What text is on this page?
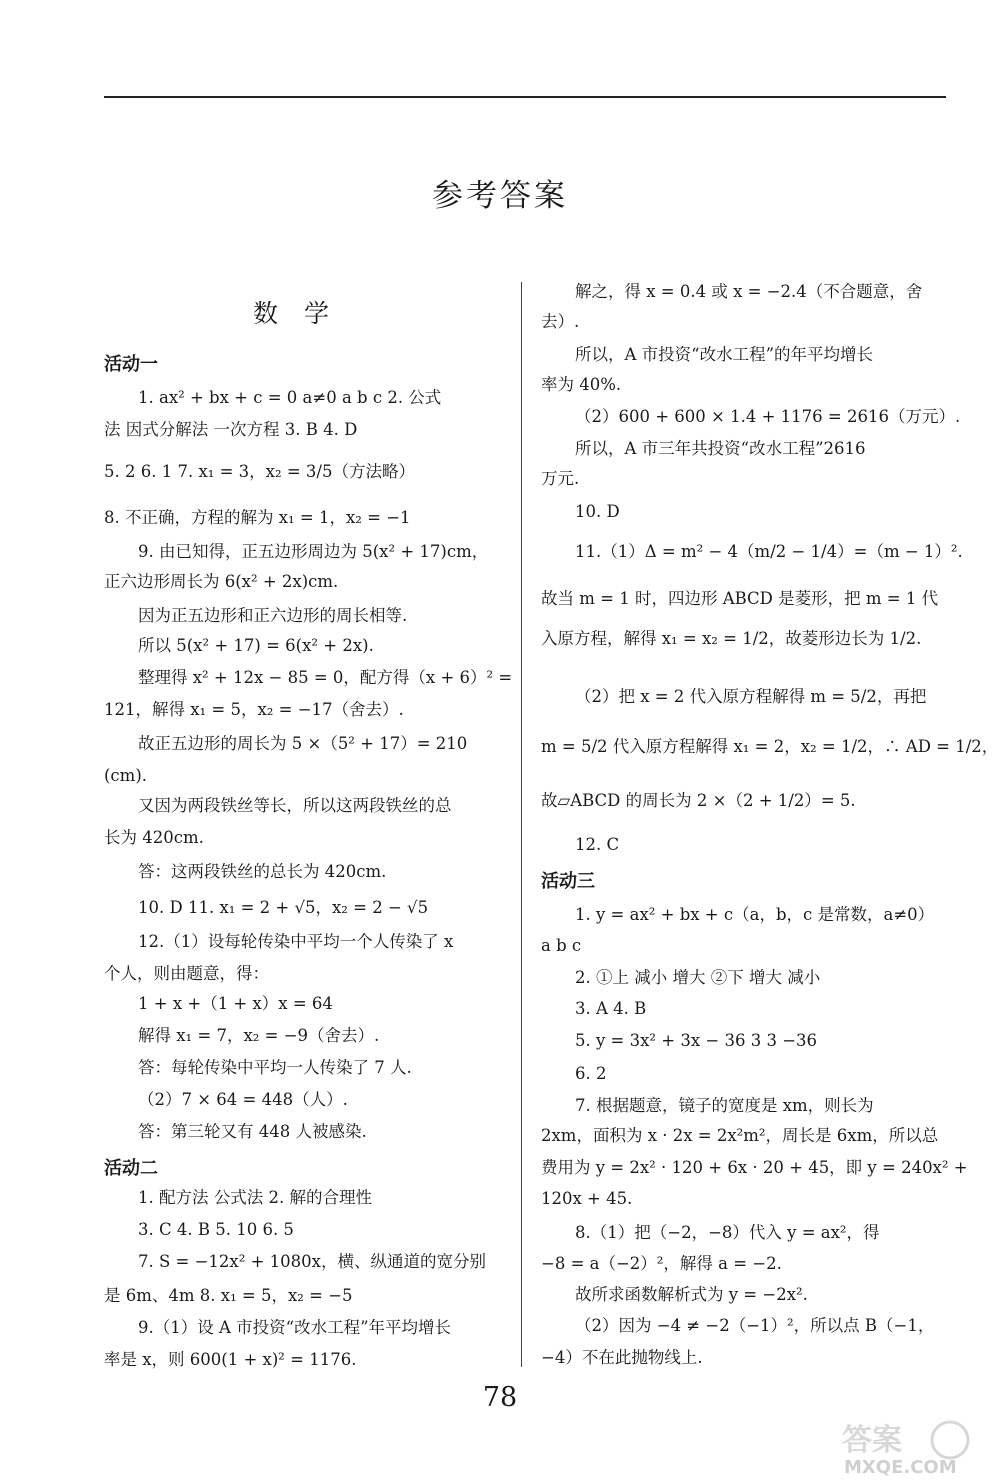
参考答案
数学
活动一
1. ax² + bx + c = 0 a≠0 a b c 2. 公式
法 因式分解法 一次方程 3. B 4. D
5. 2 6. 1 7. x₁ = 3，x₂ = 3/5（方法略）
8. 不正确，方程的解为 x₁ = 1，x₂ = −1
9. 由已知得，正五边形周边为 5(x² + 17)cm，
正六边形周长为 6(x² + 2x)cm.
因为正五边形和正六边形的周长相等.
所以 5(x² + 17) = 6(x² + 2x).
整理得 x² + 12x − 85 = 0，配方得（x + 6）² =
121，解得 x₁ = 5，x₂ = −17（舍去）.
故正五边形的周长为 5 ×（5² + 17）= 210
(cm).
又因为两段铁丝等长，所以这两段铁丝的总
长为 420cm.
答：这两段铁丝的总长为 420cm.
10. D 11. x₁ = 2 + √5，x₂ = 2 − √5
12.（1）设每轮传染中平均一个人传染了 x
个人，则由题意，得：
1 + x +（1 + x）x = 64
解得 x₁ = 7，x₂ = −9（舍去）.
答：每轮传染中平均一人传染了 7 人.
（2）7 × 64 = 448（人）.
答：第三轮又有 448 人被感染.
活动二
1. 配方法 公式法 2. 解的合理性
3. C 4. B 5. 10 6. 5
7. S = −12x² + 1080x，横、纵通道的宽分别
是 6m、4m 8. x₁ = 5，x₂ = −5
9.（1）设 A 市投资“改水工程”年平均增长
率是 x，则 600(1 + x)² = 1176.
解之，得 x = 0.4 或 x = −2.4（不合题意，舍
去）.
所以，A 市投资“改水工程”的年平均增长
率为 40%.
（2）600 + 600 × 1.4 + 1176 = 2616（万元）.
所以，A 市三年共投资“改水工程”2616
万元.
10. D
11.（1）Δ = m² − 4（m/2 − 1/4）=（m − 1）².
故当 m = 1 时，四边形 ABCD 是菱形，把 m = 1 代
入原方程，解得 x₁ = x₂ = 1/2，故菱形边长为 1/2.
（2）把 x = 2 代入原方程解得 m = 5/2，再把
m = 5/2 代入原方程解得 x₁ = 2，x₂ = 1/2，∴ AD = 1/2，
故▱ABCD 的周长为 2 ×（2 + 1/2）= 5.
12. C
活动三
1. y = ax² + bx + c（a，b，c 是常数，a≠0）
a b c
2. ①上 减小 增大 ②下 增大 减小
3. A 4. B
5. y = 3x² + 3x − 36 3 3 −36
6. 2
7. 根据题意，镜子的宽度是 xm，则长为
2xm，面积为 x · 2x = 2x²m²，周长是 6xm，所以总
费用为 y = 2x² · 120 + 6x · 20 + 45，即 y = 240x² +
120x + 45.
8.（1）把（−2，−8）代入 y = ax²，得
−8 = a（−2）²，解得 a = −2.
故所求函数解析式为 y = −2x².
（2）因为 −4 ≠ −2（−1）²，所以点 B（−1，
−4）不在此抛物线上.
78
答案
MXQE.COM
